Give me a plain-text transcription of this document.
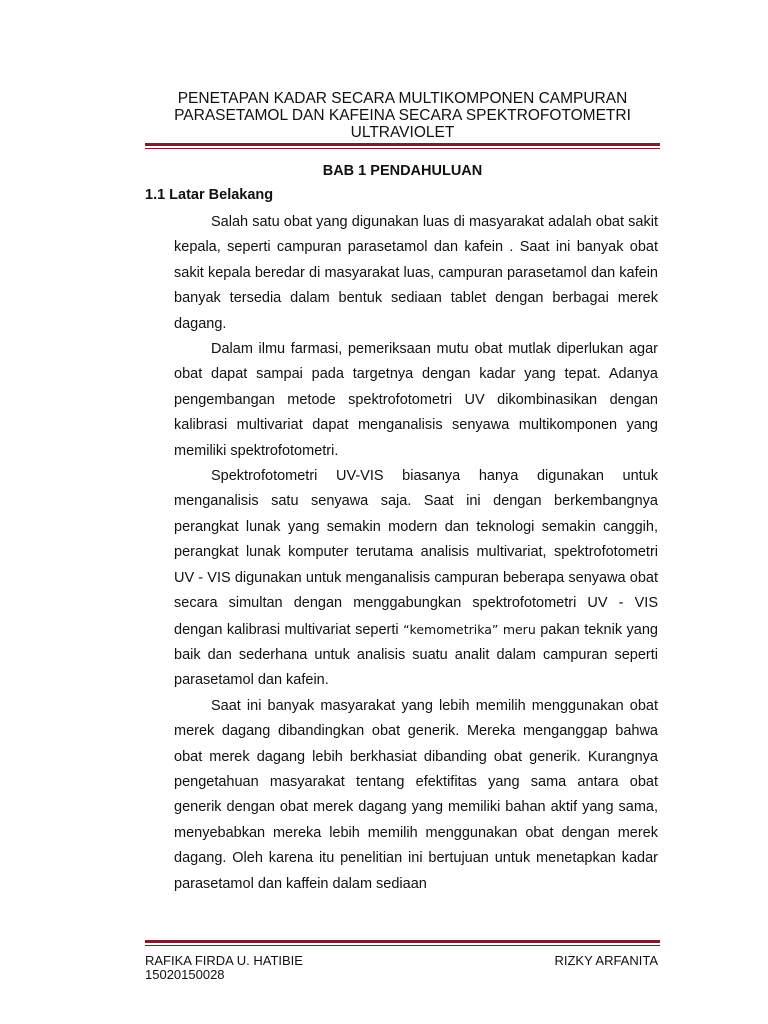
PENETAPAN KADAR SECARA MULTIKOMPONEN CAMPURAN
PARASETAMOL DAN KAFEINA SECARA SPEKTROFOTOMETRI
ULTRAVIOLET
BAB 1 PENDAHULUAN
1.1 Latar Belakang

Salah satu obat yang digunakan luas di masyarakat adalah obat sakit kepala, seperti campuran parasetamol dan kafein . Saat ini banyak obat sakit kepala beredar di masyarakat luas, campuran parasetamol dan kafein banyak tersedia dalam bentuk sediaan tablet dengan berbagai merek dagang.

Dalam ilmu farmasi, pemeriksaan mutu obat mutlak diperlukan agar obat dapat sampai pada targetnya dengan kadar yang tepat. Adanya pengembangan metode spektrofotometri UV dikombinasikan dengan kalibrasi multivariat dapat menganalisis senyawa multikomponen yang memiliki spektrofotometri.

Spektrofotometri UV-VIS biasanya hanya digunakan untuk menganalisis satu senyawa saja. Saat ini dengan berkembangnya perangkat lunak yang semakin modern dan teknologi semakin canggih, perangkat lunak komputer terutama analisis multivariat, spektrofotometri UV - VIS digunakan untuk menganalisis campuran beberapa senyawa obat secara simultan dengan menggabungkan spektrofotometri UV - VIS dengan kalibrasi multivariat seperti “kemometrika” meru pakan teknik yang baik dan sederhana untuk analisis suatu analit dalam campuran seperti parasetamol dan kafein.

Saat ini banyak masyarakat yang lebih memilih menggunakan obat merek dagang dibandingkan obat generik. Mereka menganggap bahwa obat merek dagang lebih berkhasiat dibanding obat generik. Kurangnya pengetahuan masyarakat tentang efektifitas yang sama antara obat generik dengan obat merek dagang yang memiliki bahan aktif yang sama, menyebabkan mereka lebih memilih menggunakan obat dengan merek dagang. Oleh karena itu penelitian ini bertujuan untuk menetapkan kadar parasetamol dan kaffein dalam sediaan

RAFIKA FIRDA U. HATIBIE
15020150028
RIZKY ARFANITA
